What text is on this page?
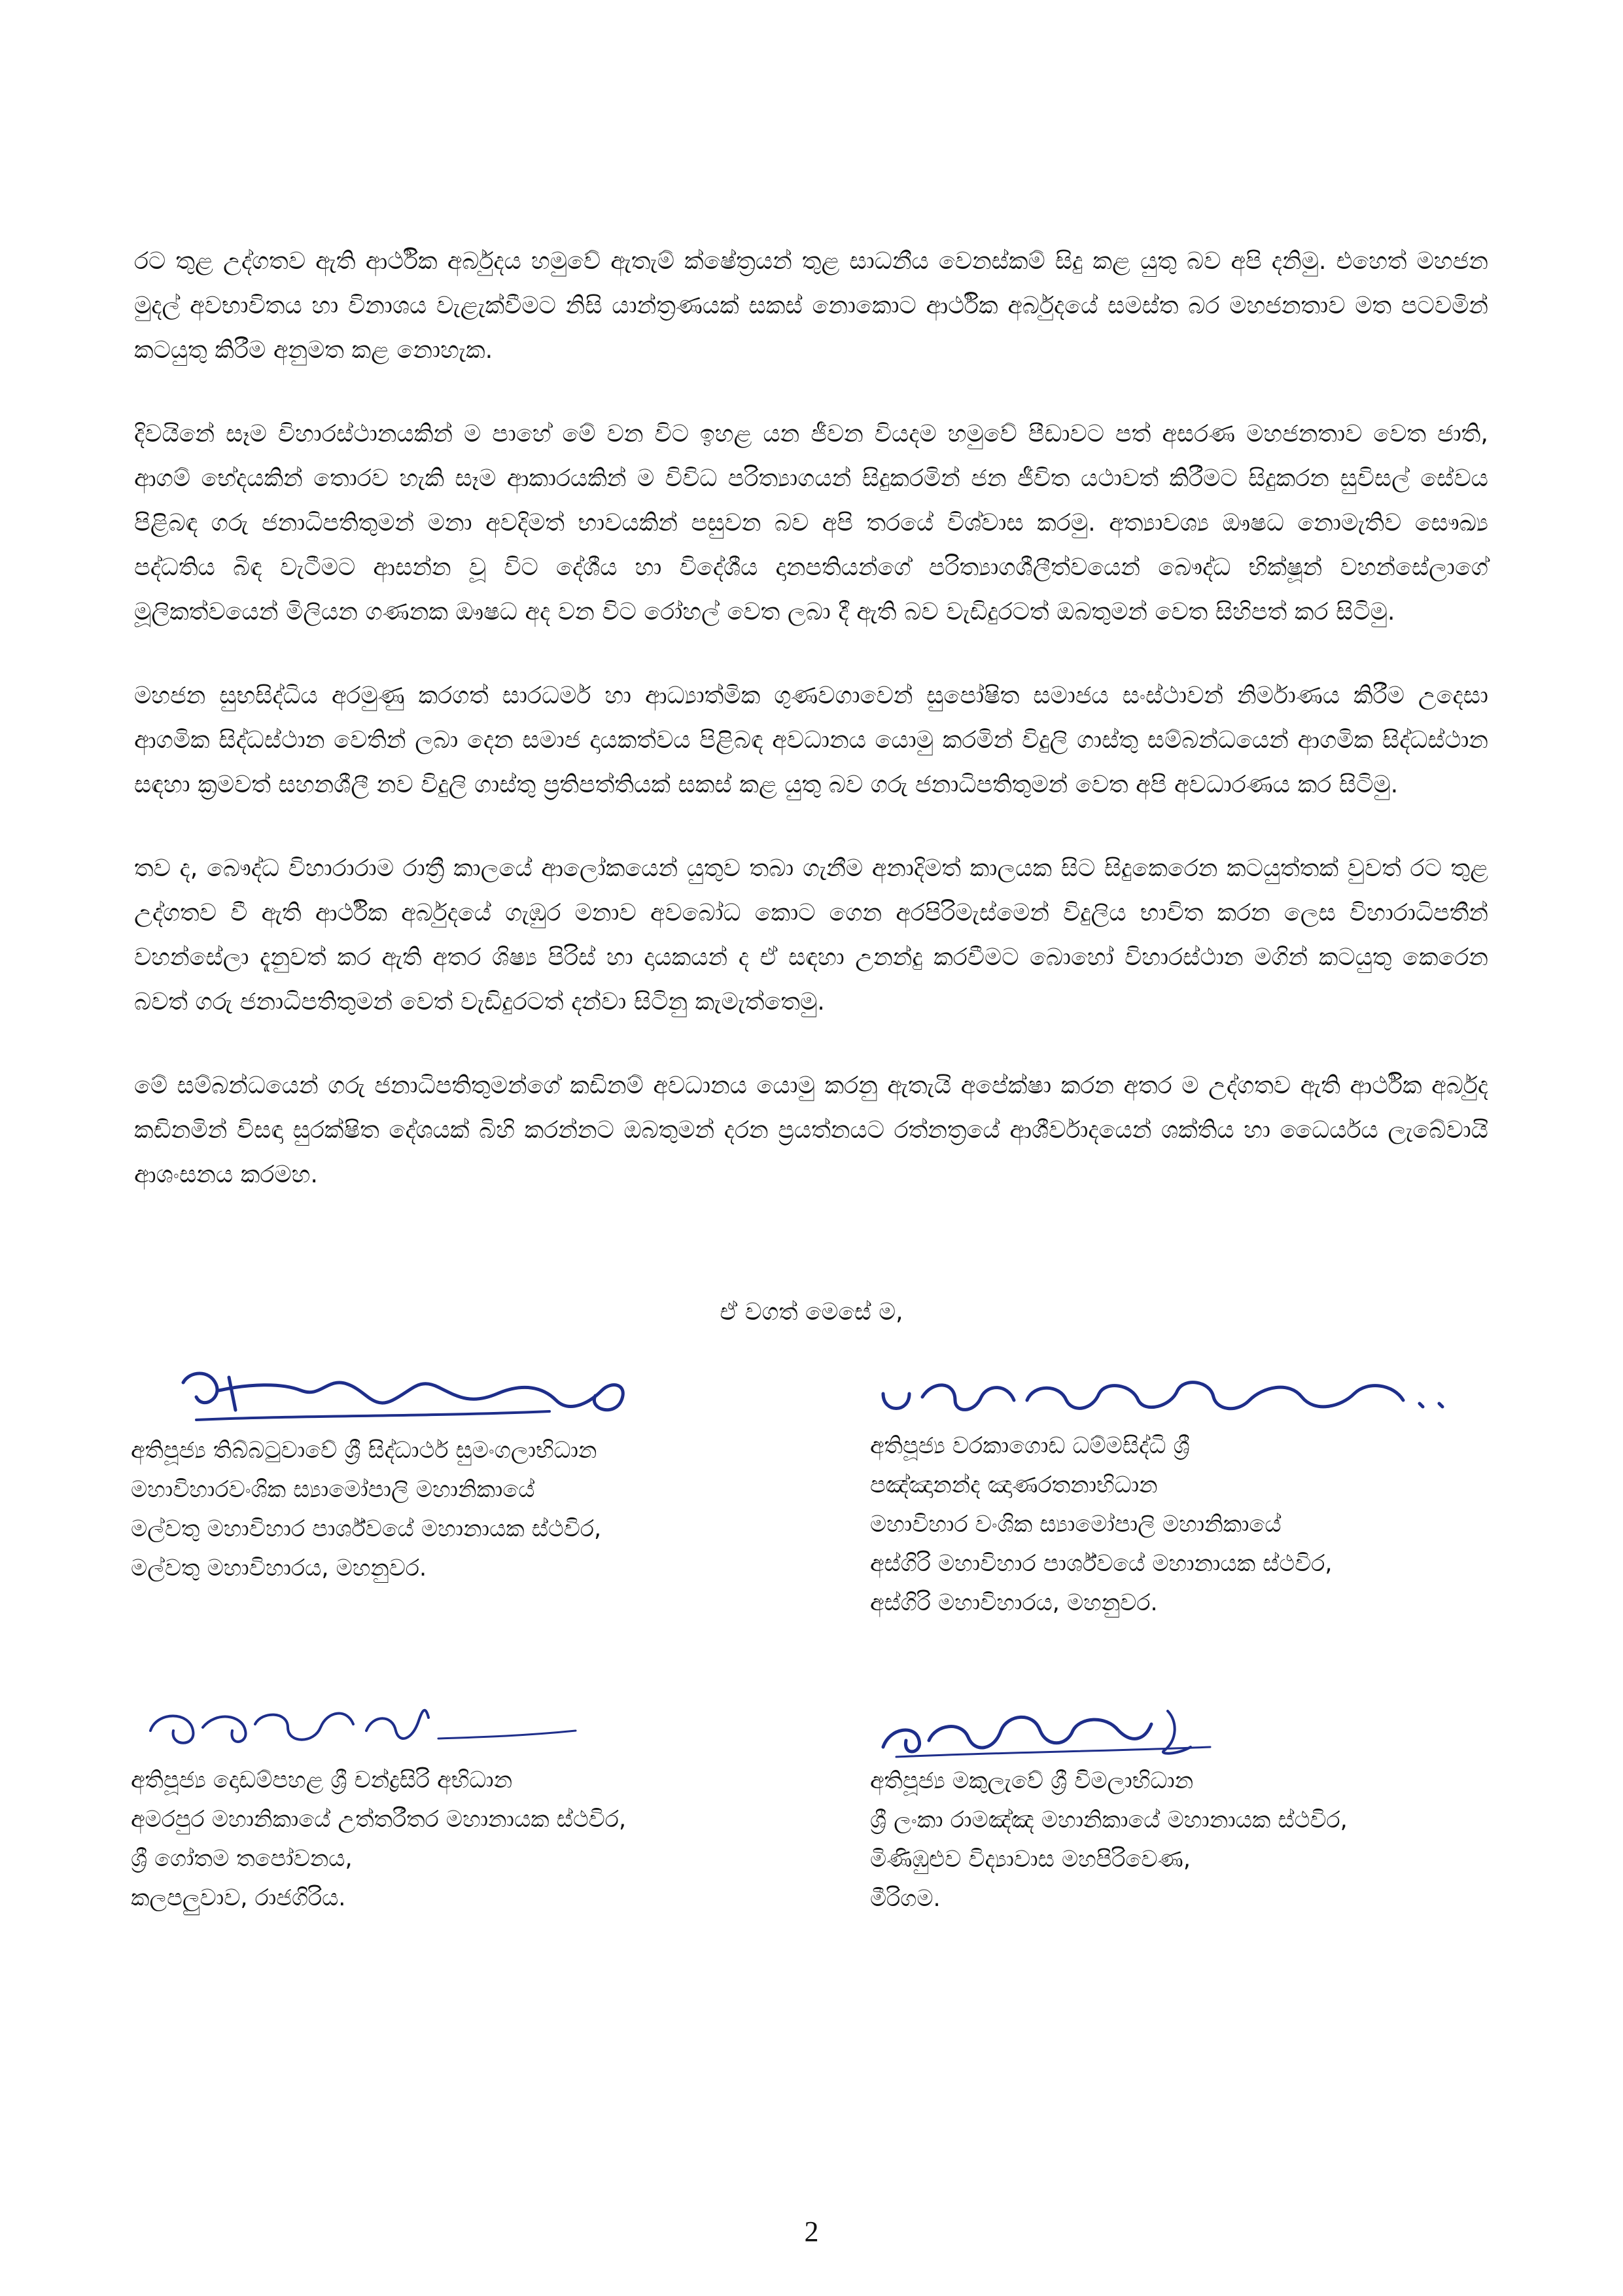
රට තුළ උද්ගතව ඇති ආර්ථික අර්බුදය හමුවේ ඇතැම් ක්ෂේත්‍රයන් තුළ සාධනීය වෙනස්කම් සිදු කළ යුතු බව අපි දනිමු. එහෙත් මහජන මුදල් අවභාවිතය හා විනාශය වැළැක්වීමට නිසි යාන්ත්‍රණයක් සකස් නොකොට ආර්ථික අර්බුදයේ සමස්ත බර මහජනතාව මත පටවමින් කටයුතු කිරීම අනුමත කළ නොහැක.

දිවයිනේ සෑම විහාරස්ථානයකින් ම පාහේ මේ වන විට ඉහළ යන ජීවන වියදම හමුවේ පීඩාවට පත් අසරණ මහජනතාව වෙත ජාති, ආගම් භේදයකින් තොරව හැකි සෑම ආකාරයකින් ම විවිධ පරිත්‍යාගයන් සිදුකරමින් ජන ජීවිත යථාවත් කිරීමට සිදුකරන සුවිසල් සේවය පිළිබඳ ගරු ජනාධිපතිතුමන් මනා අවදිමත් භාවයකින් පසුවන බව අපි තරයේ විශ්වාස කරමු. අත්‍යාවශ්‍ය ඖෂධ නොමැතිව සෞඛ්‍ය පද්ධතිය බිඳ වැටීමට ආසන්න වූ විට දේශීය හා විදේශීය දානපතියන්ගේ පරිත්‍යාගශීලීත්වයෙන් බෞද්ධ භික්ෂූන් වහන්සේලාගේ මූලිකත්වයෙන් මිලියන ගණනක ඖෂධ අද වන විට රෝහල් වෙත ලබා දී ඇති බව වැඩිදුරටත් ඔබතුමන් වෙත සිහිපත් කර සිටිමු.

මහජන සුභසිද්ධිය අරමුණු කරගත් සාරධර්ම හා ආධ්‍යාත්මික ගුණවගාවෙන් සුපෝෂිත සමාජය සංස්ථාවන් නිර්මාණය කිරීම උදෙසා ආගමික සිද්ධස්ථාන වෙතින් ලබා දෙන සමාජ දායකත්වය පිළිබඳ අවධානය යොමු කරමින් විදුලි ගාස්තු සම්බන්ධයෙන් ආගමික සිද්ධස්ථාන සඳහා ක්‍රමවත් සහනශීලී නව විදුලි ගාස්තු ප්‍රතිපත්තියක් සකස් කළ යුතු බව ගරු ජනාධිපතිතුමන් වෙත අපි අවධාරණය කර සිටිමු.

තව ද, බෞද්ධ විහාරාරාම රාත්‍රී කාලයේ ආලෝකයෙන් යුතුව තබා ගැනීම අනාදිමත් කාලයක සිට සිදුකෙරෙන කටයුත්තක් වුවත් රට තුළ උද්ගතව වී ඇති ආර්ථික අර්බුදයේ ගැඹුර මනාව අවබෝධ කොට ගෙන අරපිරිමැස්මෙන් විදුලිය භාවිත කරන ලෙස විහාරාධිපතීන් වහන්සේලා දැනුවත් කර ඇති අතර ශිෂ්‍ය පිරිස් හා දායකයන් ද ඒ සඳහා උනන්දු කරවීමට බොහෝ විහාරස්ථාන මගින් කටයුතු කෙරෙන බවත් ගරු ජනාධිපතිතුමන් වෙත් වැඩිදුරටත් දන්වා සිටිනු කැමැත්තෙමු.

මේ සම්බන්ධයෙන් ගරු ජනාධිපතිතුමන්ගේ කඩිනම් අවධානය යොමු කරනු ඇතැයි අපේක්ෂා කරන අතර ම උද්ගතව ඇති ආර්ථික අර්බුද කඩිනමින් විසඳා සුරක්ෂිත දේශයක් බිහි කරන්නට ඔබතුමන් දරන ප්‍රයත්නයට රත්නත්‍රයේ ආශීර්වාදයෙන් ශක්තිය හා ධෛර්යය ලැබේවායි ආශංසනය කරමහ.

ඒ වගත් මෙසේ ම,
අතිපූජ්‍ය තිබ්බටුවාවේ ශ්‍රී සිද්ධාර්ථ සුමංගලාභිධාන
මහාවිහාරවංශික ස්‍යාමෝපාලි මහානිකායේ
මල්වතු මහාවිහාර පාර්ශ්වයේ මහානායක ස්ථවිර,
මල්වතු මහාවිහාරය, මහනුවර.
අතිපූජ්‍ය වරකාගොඩ ධම්මසිද්ධි ශ්‍රී
පඤ්ඤානන්ද ඤාණරතනාභිධාන
මහාවිහාර වංශික ස්‍යාමෝපාලි මහානිකායේ
අස්ගිරි මහාවිහාර පාර්ශ්වයේ මහානායක ස්ථවිර,
අස්ගිරි මහාවිහාරය, මහනුවර.
අතිපූජ්‍ය දොඩම්පහළ ශ්‍රී චන්ද්‍රසිරි අභිධාන
අමරපුර මහානිකායේ උත්තරීතර මහානායක ස්ථවිර,
ශ්‍රී ගෝතම තපෝවනය,
කලපලුවාව, රාජගිරිය.
අතිපූජ්‍ය මකුලැවේ ශ්‍රී විමලාභිධාන
ශ්‍රී ලංකා රාමඤ්ඤ මහානිකායේ මහානායක ස්ථවිර,
මිණිඹුළුව විද්‍යාවාස මහපිරිවෙණ,
මීරිගම.
2
